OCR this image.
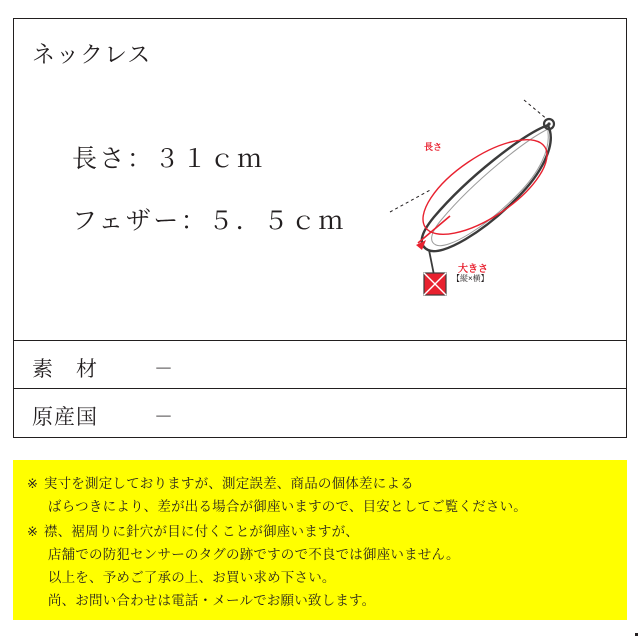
ネックレス
長さ：３１ｃｍ
フェザー：５．５ｃｍ
長さ
大きさ
【縦×横】
素　材	－
原産国	－
※ 実寸を測定しておりますが、測定誤差、商品の個体差による
ばらつきにより、差が出る場合が御座いますので、目安としてご覧ください。
※ 襟、裾周りに針穴が目に付くことが御座いますが、
店舗での防犯センサーのタグの跡ですので不良では御座いません。
以上を、予めご了承の上、お買い求め下さい。
尚、お問い合わせは電話・メールでお願い致します。
